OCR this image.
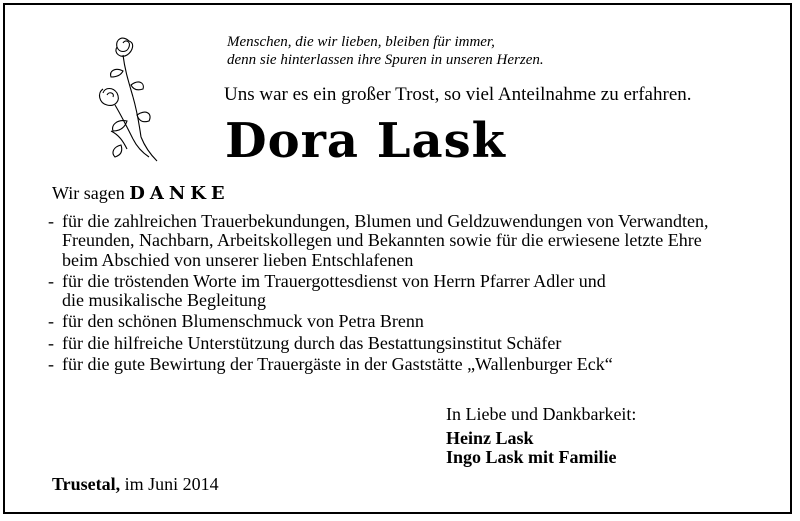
Menschen, die wir lieben, bleiben für immer,
denn sie hinterlassen ihre Spuren in unseren Herzen.
Uns war es ein großer Trost, so viel Anteilnahme zu erfahren.
Dora Lask
Wir sagen DANKE
- für die zahlreichen Trauerbekundungen, Blumen und Geldzuwendungen von Verwandten,
Freunden, Nachbarn, Arbeitskollegen und Bekannten sowie für die erwiesene letzte Ehre
beim Abschied von unserer lieben Entschlafenen
- für die tröstenden Worte im Trauergottesdienst von Herrn Pfarrer Adler und
die musikalische Begleitung
- für den schönen Blumenschmuck von Petra Brenn
- für die hilfreiche Unterstützung durch das Bestattungsinstitut Schäfer
- für die gute Bewirtung der Trauergäste in der Gaststätte „Wallenburger Eck“
In Liebe und Dankbarkeit:
Heinz Lask
Ingo Lask mit Familie
Trusetal, im Juni 2014
